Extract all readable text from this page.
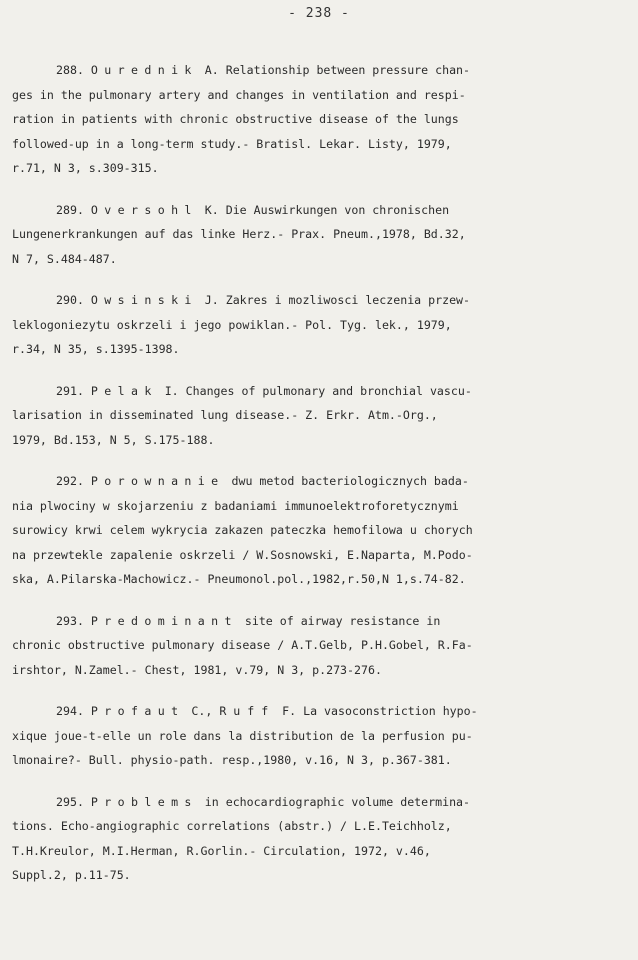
- 238 -
288. Ourednik A. Relationship between pressure chan-
ges in the pulmonary artery and changes in ventilation and respi-
ration in patients with chronic obstructive disease of the lungs
followed-up in a long-term study.- Bratisl. Lekar. Listy, 1979,
r.71, N 3, s.309-315.
289. Oversohl K. Die Auswirkungen von chronischen
Lungenerkrankungen auf das linke Herz.- Prax. Pneum.,1978, Bd.32,
N 7, S.484-487.
290. Owsinski J. Zakres i mozliwosci leczenia przew-
leklogoniezytu oskrzeli i jego powiklan.- Pol. Tyg. lek., 1979,
r.34, N 35, s.1395-1398.
291. Pelak I. Changes of pulmonary and bronchial vascu-
larisation in disseminated lung disease.- Z. Erkr. Atm.-Org.,
1979, Bd.153, N 5, S.175-188.
292. Porownanie dwu metod bacteriologicznych bada-
nia plwociny w skojarzeniu z badaniami immunoelektroforetycznymi
surowicy krwi celem wykrycia zakazen pateczka hemofilowa u chorych
na przewtekle zapalenie oskrzeli / W.Sosnowski, E.Naparta, M.Podo-
ska, A.Pilarska-Machowicz.- Pneumonol.pol.,1982,r.50,N 1,s.74-82.
293. Predominant site of airway resistance in
chronic obstructive pulmonary disease / A.T.Gelb, P.H.Gobel, R.Fa-
irshtor, N.Zamel.- Chest, 1981, v.79, N 3, p.273-276.
294. Profaut C., R u f f  F. La vasoconstriction hypo-
xique joue-t-elle un role dans la distribution de la perfusion pu-
lmonaire?- Bull. physio-path. resp.,1980, v.16, N 3, p.367-381.
295. Problems in echocardiographic volume determina-
tions. Echo-angiographic correlations (abstr.) / L.E.Teichholz,
T.H.Kreulor, M.I.Herman, R.Gorlin.- Circulation, 1972, v.46,
Suppl.2, p.11-75.
